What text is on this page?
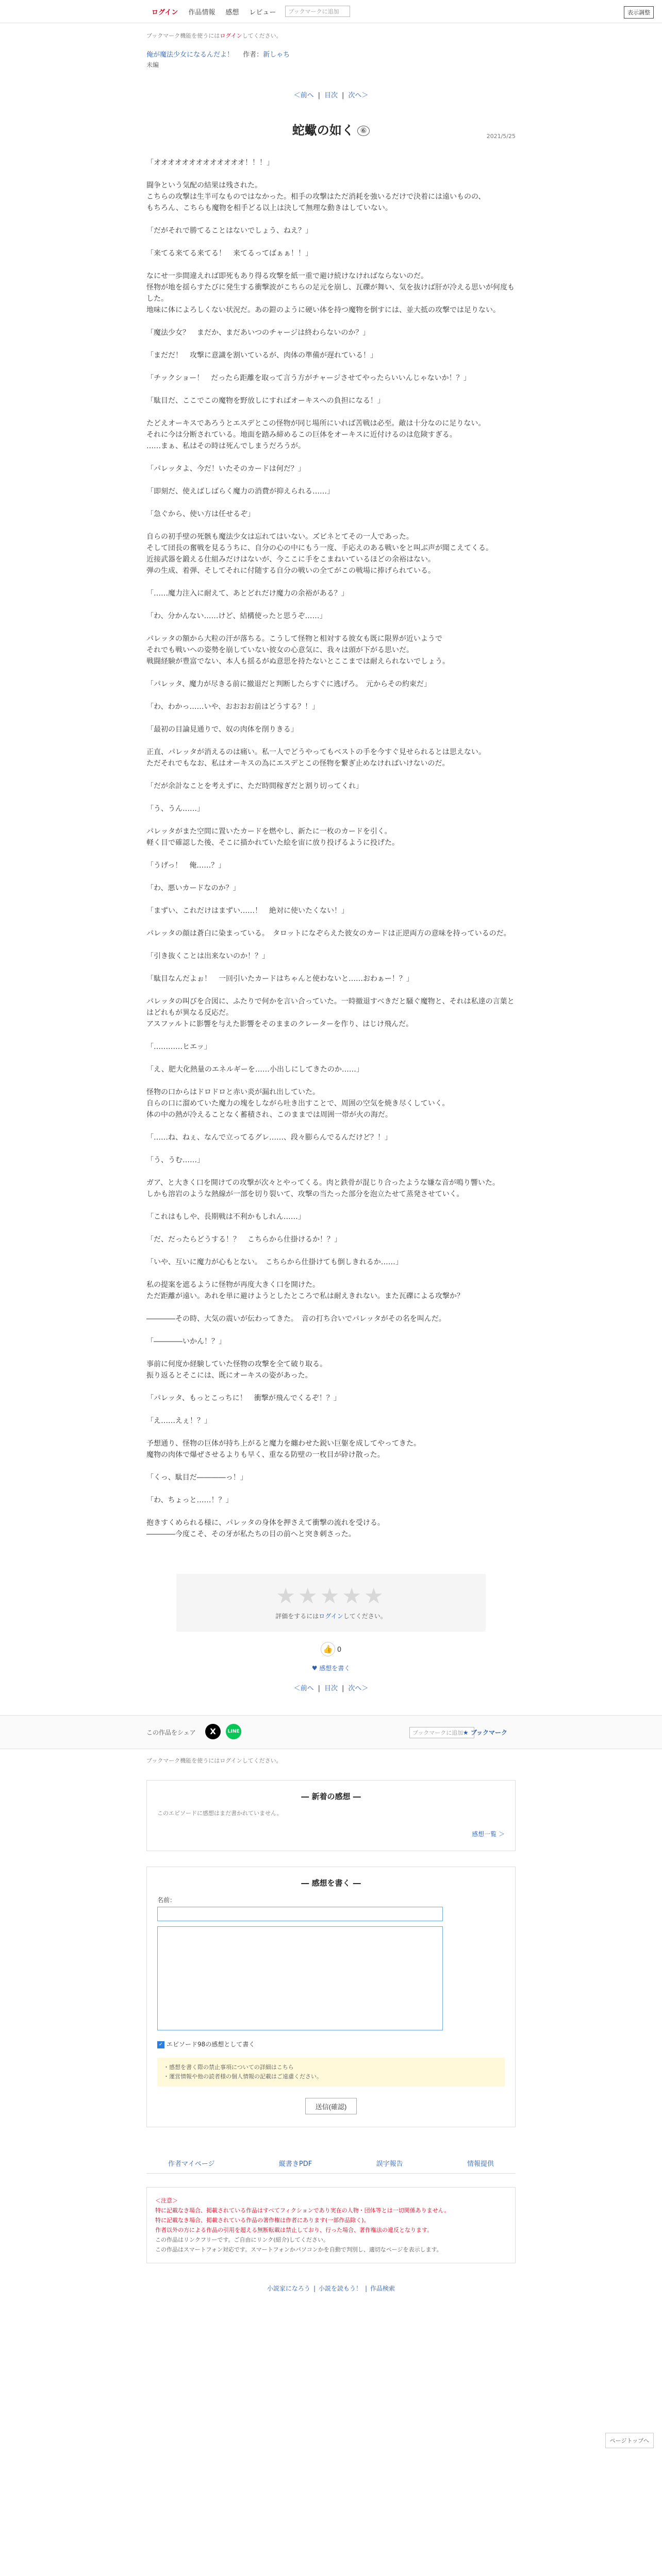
ログイン	作品情報	感想	レビュー	ブックマークに追加	表示調整
ブックマーク機能を使うにはログインしてください。
俺が魔法少女になるんだよ！ 作者：新しゃち
未編
＜前へ | 目次 | 次へ＞
蛇蠍の如く ⑥
2021/5/25

「オオオオオオオオオオオオオ！！！」

闘争という気配の結果は残された。
こちらの攻撃は生半可なものではなかった。相手の攻撃はただ消耗を強いるだけで決着には遠いものの、
もちろん、こちらも魔物を相手どる以上は決して無理な動きはしていない。

「だがそれで勝てることはないでしょう、ねえ？」

「来てる来てる来てる！　来てるってばぁぁ！！」

なにせ一歩間違えれば即死もあり得る攻撃を紙一重で避け続けなければならないのだ。
怪物が地を揺らすたびに発生する衝撃波がこちらの足元を崩し、瓦礫が舞い、気を抜けば肝が冷える思いが何度もした。
地味に体によろしくない状況だ。あの鎧のように硬い体を持つ魔物を倒すには、並大抵の攻撃では足りない。

「魔法少女？　まだか、まだあいつのチャージは終わらないのか？」

「まだだ！　攻撃に意識を割いているが、肉体の準備が遅れている！」

「チックショー！　だったら距離を取って言う方がチャージさせてやったらいいんじゃないか！？」

「駄目だ、ここでこの魔物を野放しにすればオーキスへの負担になる！」

たどえオーキスであろうとエスデとこの怪物が同じ場所にいれば苦戦は必至。敵は十分なのに足りない。
それに今は分断されている。地面を踏み締めるこの巨体をオーキスに近付けるのは危険すぎる。
……まぁ、私はその時は死んでしまうだろうが。

「パレッタよ、今だ！いたそのカードは何だ？」

「即刻だ、使えばしばらく魔力の消費が抑えられる……」

「急ぐから、使い方は任せるぞ」

自らの初手壁の死骸も魔法少女は忘れてはいない。ズビネとてその一人であった。
そして団長の奮戦を見るうちに、自分の心の中にもう一度、手応えのある戦いをと叫ぶ声が聞こえてくる。
近接武器を鍛える仕組みだけはないが、今ここに手をこまねいているほどの余裕はない。
弾の生成、着弾、そしてそれに付随する自分の戦いの全てがこの戦場に捧げられている。

「……魔力注入に耐えて、あとどれだけ魔力の余裕がある？」

「わ、分かんない……けど、結構使ったと思うぞ……」

パレッタの額から大粒の汗が落ちる。こうして怪物と相対する彼女も既に限界が近いようで
それでも戦いへの姿勢を崩していない彼女の心意気に、我々は頭が下がる思いだ。
戦闘経験が豊富でない、本人も揺るがぬ意思を持たないとここまでは耐えられないでしょう。

「パレッタ、魔力が尽きる前に撤退だと判断したらすぐに逃げろ。　元からその約束だ」

「わ、わかっ……いや、おおおお前はどうする？！」

「最初の目論見通りで、奴の肉体を削りきる」

正直、パレッタが消えるのは痛い。私一人でどうやってもベストの手を今すぐ見せられるとは思えない。
ただそれでもなお、私はオーキスの為にエスデとこの怪物を繋ぎ止めなければいけないのだ。

「だが余計なことを考えずに、ただ時間稼ぎだと割り切ってくれ」

「う、うん……」

パレッタがまた空間に置いたカードを燃やし、新たに一枚のカードを引く。
軽く目で確認した後、そこに描かれていた絵を宙に放り投げるように投げた。

「うげっ！　俺……？」

「わ、悪いカードなのか？」

「まずい、これだけはまずい……！　絶対に使いたくない！」

パレッタの顔は蒼白に染まっている。　タロットになぞらえた彼女のカードは正逆両方の意味を持っているのだ。

「引き抜くことは出来ないのか！？」

「駄目なんだよぉ！　一回引いたカードはちゃんと使わないと……おわぁー！？」

パレッタの叫びを合図に、ふたりで何かを言い合っていた。一時撤退すべきだと騒ぐ魔物と、それは私達の言葉とはどれもが異なる反応だ。
アスファルトに影響を与えた影響をそのままのクレーターを作り、はじけ飛んだ。

「…………ヒエッ」

「え、肥大化熱量のエネルギーを……小出しにしてきたのか……」

怪物の口からはドロドロと赤い炎が漏れ出していた。
自らの口に溜めていた魔力の塊をしながら吐き出すことで、周囲の空気を焼き尽くしていく。
体の中の熱が冷えることなく蓄積され、このままでは周囲一帯が火の海だ。

「……ね、ねぇ、なんで立ってるグレ……、段々膨らんでるんだけど？！」

「う、うむ……」

ガア、と大きく口を開けての攻撃が次々とやってくる。肉と鉄骨が混じり合ったような嫌な音が鳴り響いた。
しかも溶岩のような熱線が一部を切り裂いて、攻撃の当たった部分を泡立たせて蒸発させていく。

「これはもしや、長期戦は不利かもしれん……」

「だ、だったらどうする！？　こちらから仕掛けるか！？」

「いや、互いに魔力が心もとない。　こちらから仕掛けても倒しきれるか……」

私の提案を遮るように怪物が再度大きく口を開けた。
ただ距離が遠い。あれを単に避けようとしたところで私は耐えきれない。また瓦礫による攻撃か？

――――その時、大気の震いが伝わってきた。　音の打ち合いでパレッタがその名を叫んだ。

「――――いかん！？」

事前に何度か経験していた怪物の攻撃を全て破り取る。
振り返るとそこには、既にオーキスの姿があった。

「パレッタ、もっとこっちに！　衝撃が飛んでくるぞ！？」

「え……えぇ！？」

予想通り、怪物の巨体が持ち上がると魔力を纏わせた鋭い巨躯を成してやってきた。
魔物の肉体で爆ぜさせるよりも早く、重なる防壁の一枚目が砕け散った。

「くっ、駄目だ――――っ！」

「わ、ちょっと……！？」

抱きすくめられる様に、パレッタの身体を押さえて衝撃の流れを受ける。
――――今度こそ、その牙が私たちの目の前へと突き刺さった。

★★★★★
評価をするにはログインしてください。
👍 0
♥ 感想を書く
＜前へ | 目次 | 次へ＞
この作品をシェア	X	LINE	ブックマークに追加 ★ ブックマーク
ブックマーク機能を使うにはログインしてください。
― 新着の感想 ―
このエピソードに感想はまだ書かれていません。
感想一覧 ＞
― 感想を書く ―
名前：
✓ エピソード98の感想として書く
・感想を書く際の禁止事項についての詳細はこちら
・運営情報や他の読者様の個人情報の記載はご遠慮ください。
送信(確認)
作者マイページ	縦書きPDF	誤字報告	情報提供
＜注意＞
特に記載なき場合、掲載されている作品はすべてフィクションであり実在の人物・団体等とは一切関係ありません。
特に記載なき場合、掲載されている作品の著作権は作者にあります(一部作品除く)。
作者以外の方による作品の引用を超える無断転載は禁止しており、行った場合、著作権法の違反となります。
この作品はリンクフリーです。ご自由にリンク(紹介)してください。
この作品はスマートフォン対応です。スマートフォンかパソコンかを自動で判別し、適切なページを表示します。
小説家になろう | 小説を読もう！ | 作品検索
ページトップへ
